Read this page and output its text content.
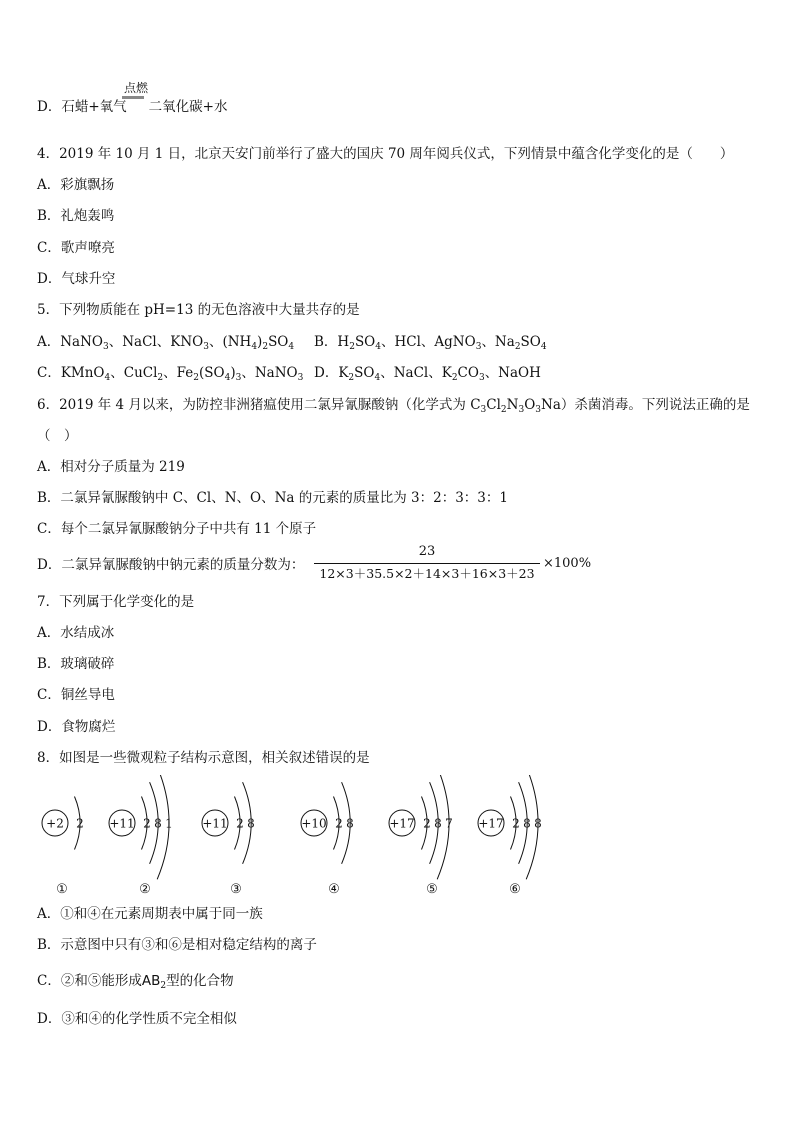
D．石蜡+氧气 二氧化碳+水
点燃
4．2019 年 10 月 1 日，北京天安门前举行了盛大的国庆 70 周年阅兵仪式，下列情景中蕴含化学变化的是（　　）
A．彩旗飘扬
B．礼炮轰鸣
C．歌声嘹亮
D．气球升空
5．下列物质能在 pH=13 的无色溶液中大量共存的是
A．NaNO$_3$、NaCl、$KNO_3$、$(NH_4)_2SO_4$ B．$H_2SO_4$、HCl、AgNO$_3$、$Na_2SO_4$
C．KMnO$_4$、CuCl$_2$、$Fe_2(SO_4)_3$、NaNO$_3$ D．$K_2SO_4$、NaCl、$K_2CO_3$、NaOH
6．2019 年 4 月以来，为防控非洲猪瘟使用二氯异氰脲酸钠（化学式为 $C_3Cl_2N_3O_3Na$）杀菌消毒。下列说法正确的是
（　）
A．相对分子质量为 219
B．二氯异氰脲酸钠中 C、Cl、N、O、Na 的元素的质量比为 3：2：3：3：1
C．每个二氯异氰脲酸钠分子中共有 11 个原子
D．二氯异氰脲酸钠中钠元素的质量分数为：
23
12×3＋35.5×2＋14×3＋16×3＋23
×100%
7．下列属于化学变化的是
A．水结成冰
B．玻璃破碎
C．铜丝导电
D．食物腐烂
8．如图是一些微观粒子结构示意图，相关叙述错误的是
+2 2
①
+11 2 8 1
②
+11 2 8
③
+10 2 8
④
+17 2 8 7
⑤
+17 2 8 8
⑥
A．①和④在元素周期表中属于同一族
B．示意图中只有③和⑥是相对稳定结构的离子
C．②和⑤能形成$AB_2$型的化合物
D．③和④的化学性质不完全相似
